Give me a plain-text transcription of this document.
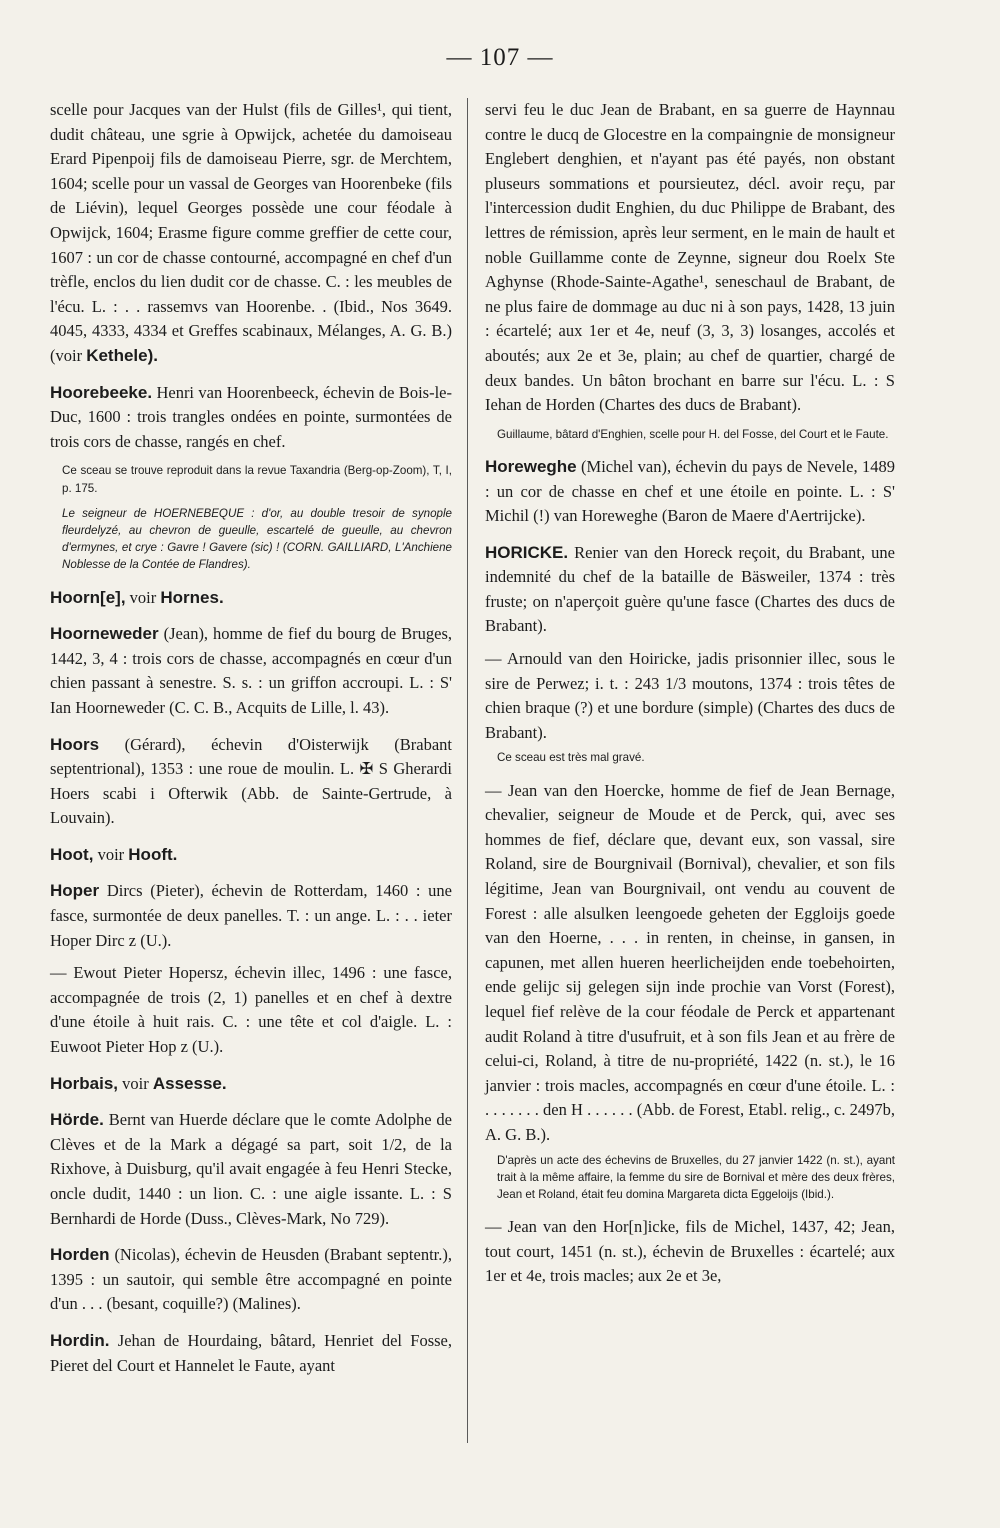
— 107 —

scelle pour Jacques van der Hulst (fils de Gilles¹, qui tient, dudit château, une sgrie à Opwijck, achetée du damoiseau Erard Pipenpoij fils de damoiseau Pierre, sgr. de Merchtem, 1604; scelle pour un vassal de Georges van Hoorenbeke (fils de Liévin), lequel Georges possède une cour féodale à Opwijck, 1604; Erasme figure comme greffier de cette cour, 1607 : un cor de chasse contourné, accompagné en chef d'un trèfle, enclos du lien dudit cor de chasse. C. : les meubles de l'écu. L. : . . rassemvs van Hoorenbe. . (Ibid., Nos 3649. 4045, 4333, 4334 et Greffes scabinaux, Mélanges, A. G. B.) (voir Kethele).

Hoorebeeke. Henri van Hoorenbeeck, échevin de Bois-le-Duc, 1600 : trois trangles ondées en pointe, surmontées de trois cors de chasse, rangés en chef.

Ce sceau se trouve reproduit dans la revue Taxandria (Berg-op-Zoom), T, I, p. 175.

Le seigneur de HOERNEBEQUE : d'or, au double tresoir de synople fleurdelyzé, au chevron de gueulle, escartelé de gueulle, au chevron d'ermynes, et crye : Gavre ! Gavere (sic) ! (CORN. GAILLIARD, L'Anchiene Noblesse de la Contée de Flandres).

Hoorn[e], voir Hornes.

Hoorneweder (Jean), homme de fief du bourg de Bruges, 1442, 3, 4 : trois cors de chasse, accompagnés en cœur d'un chien passant à senestre. S. s. : un griffon accroupi. L. : S' Ian Hoorneweder (C. C. B., Acquits de Lille, l. 43).

Hoors (Gérard), échevin d'Oisterwijk (Brabant septentrional), 1353 : une roue de moulin. L. ✠ S Gherardi Hoers scabi i Ofterwik (Abb. de Sainte-Gertrude, à Louvain).

Hoot, voir Hooft.

Hoper Dircs (Pieter), échevin de Rotterdam, 1460 : une fasce, surmontée de deux panelles. T. : un ange. L. : . . ieter Hoper Dirc z (U.).

— Ewout Pieter Hopersz, échevin illec, 1496 : une fasce, accompagnée de trois (2, 1) panelles et en chef à dextre d'une étoile à huit rais. C. : une tête et col d'aigle. L. : Euwoot Pieter Hop z (U.).

Horbais, voir Assesse.

Hörde. Bernt van Huerde déclare que le comte Adolphe de Clèves et de la Mark a dégagé sa part, soit 1/2, de la Rixhove, à Duisburg, qu'il avait engagée à feu Henri Stecke, oncle dudit, 1440 : un lion. C. : une aigle issante. L. : S Bernhardi de Horde (Duss., Clèves-Mark, No 729).

Horden (Nicolas), échevin de Heusden (Brabant septentr.), 1395 : un sautoir, qui semble être accompagné en pointe d'un . . . (besant, coquille?) (Malines).

Hordin. Jehan de Hourdaing, bâtard, Henriet del Fosse, Pieret del Court et Hannelet le Faute, ayant

servi feu le duc Jean de Brabant, en sa guerre de Haynnau contre le ducq de Glocestre en la compaingnie de monsigneur Englebert denghien, et n'ayant pas été payés, non obstant pluseurs sommations et poursieutez, décl. avoir reçu, par l'intercession dudit Enghien, du duc Philippe de Brabant, des lettres de rémission, après leur serment, en le main de hault et noble Guillamme conte de Zeynne, signeur dou Roelx Ste Aghynse (Rhode-Sainte-Agathe¹, seneschaul de Brabant, de ne plus faire de dommage au duc ni à son pays, 1428, 13 juin : écartelé; aux 1er et 4e, neuf (3, 3, 3) losanges, accolés et aboutés; aux 2e et 3e, plain; au chef de quartier, chargé de deux bandes. Un bâton brochant en barre sur l'écu. L. : S Iehan de Horden (Chartes des ducs de Brabant).

Guillaume, bâtard d'Enghien, scelle pour H. del Fosse, del Court et le Faute.

Horeweghe (Michel van), échevin du pays de Nevele, 1489 : un cor de chasse en chef et une étoile en pointe. L. : S' Michil (!) van Horeweghe (Baron de Maere d'Aertrijcke).

HORICKE. Renier van den Horeck reçoit, du Brabant, une indemnité du chef de la bataille de Bäsweiler, 1374 : très fruste; on n'aperçoit guère qu'une fasce (Chartes des ducs de Brabant).

— Arnould van den Hoiricke, jadis prisonnier illec, sous le sire de Perwez; i. t. : 243 1/3 moutons, 1374 : trois têtes de chien braque (?) et une bordure (simple) (Chartes des ducs de Brabant).

Ce sceau est très mal gravé.

— Jean van den Hoercke, homme de fief de Jean Bernage, chevalier, seigneur de Moude et de Perck, qui, avec ses hommes de fief, déclare que, devant eux, son vassal, sire Roland, sire de Bourgnivail (Bornival), chevalier, et son fils légitime, Jean van Bourgnivail, ont vendu au couvent de Forest : alle alsulken leengoede geheten der Eggloijs goede van den Hoerne, . . . in renten, in cheinse, in gansen, in capunen, met allen hueren heerlicheijden ende toebehoirten, ende gelijc sij gelegen sijn inde prochie van Vorst (Forest), lequel fief relève de la cour féodale de Perck et appartenant audit Roland à titre d'usufruit, et à son fils Jean et au frère de celui-ci, Roland, à titre de nu-propriété, 1422 (n. st.), le 16 janvier : trois macles, accompagnés en cœur d'une étoile. L. : . . . . . . . den H . . . . . . (Abb. de Forest, Etabl. relig., c. 2497b, A. G. B.).

D'après un acte des échevins de Bruxelles, du 27 janvier 1422 (n. st.), ayant trait à la même affaire, la femme du sire de Bornival et mère des deux frères, Jean et Roland, était feu domina Margareta dicta Eggeloijs (Ibid.).

— Jean van den Hor[n]icke, fils de Michel, 1437, 42; Jean, tout court, 1451 (n. st.), échevin de Bruxelles : écartelé; aux 1er et 4e, trois macles; aux 2e et 3e,
